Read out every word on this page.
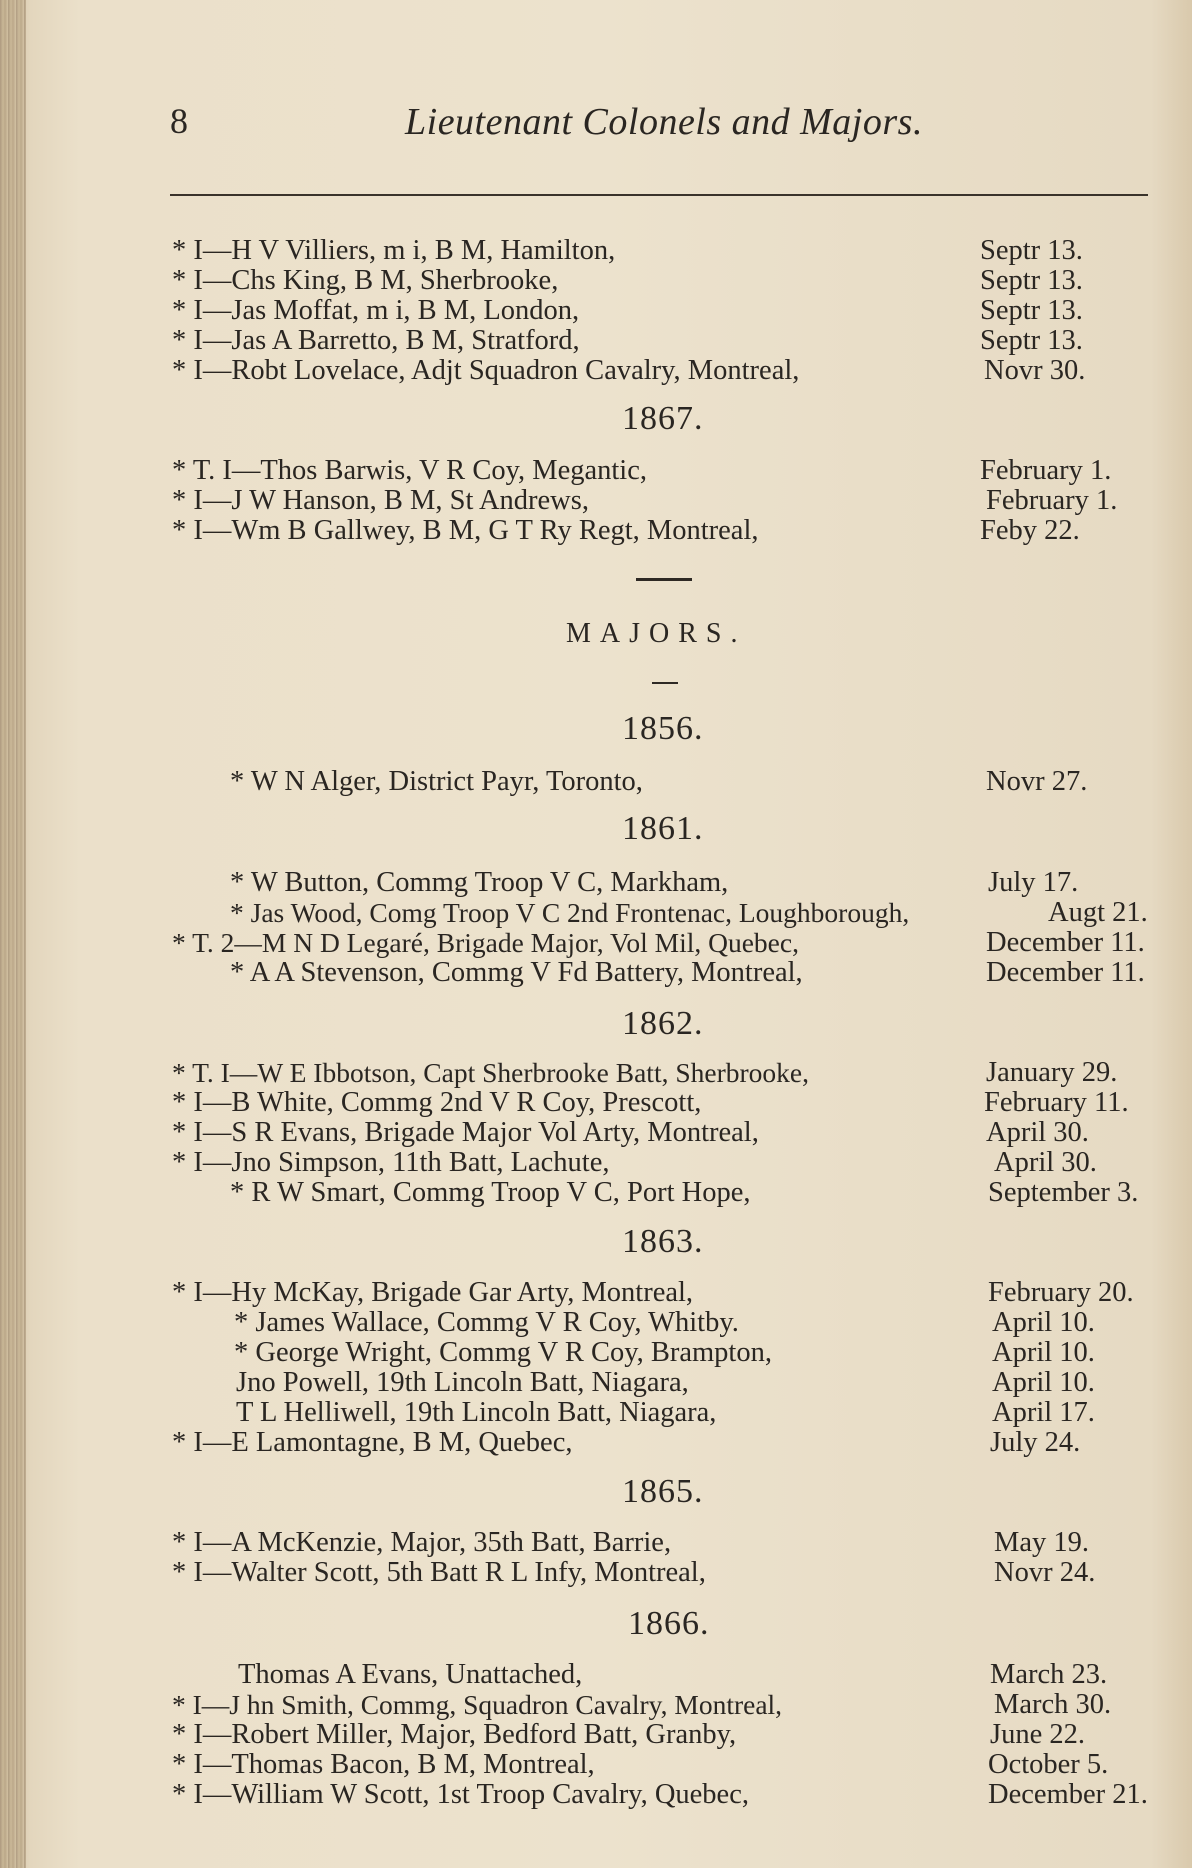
8	Lieutenant Colonels and Majors.
* I—H V Villiers, m i, B M, Hamilton,	Septr 13.
* I—Chs King, B M, Sherbrooke,	Septr 13.
* I—Jas Moffat, m i, B M, London,	Septr 13.
* I—Jas A Barretto, B M, Stratford,	Septr 13.
* I—Robt Lovelace, Adjt Squadron Cavalry, Montreal,	Novr 30.
1867.
* T. I—Thos Barwis, V R Coy, Megantic,	February 1.
* I—J W Hanson, B M, St Andrews,	February 1.
* I—Wm B Gallwey, B M, G T Ry Regt, Montreal,	Feby 22.
MAJORS.
1856.
* W N Alger, District Payr, Toronto,	Novr 27.
1861.
* W Button, Commg Troop V C, Markham,	July 17.
* Jas Wood, Comg Troop V C 2nd Frontenac, Loughborough,	Augt 21.
* T. 2—M N D Legaré, Brigade Major, Vol Mil, Quebec,	December 11.
* A A Stevenson, Commg V Fd Battery, Montreal,	December 11.
1862.
* T. I—W E Ibbotson, Capt Sherbrooke Batt, Sherbrooke,	January 29.
* I—B White, Commg 2nd V R Coy, Prescott,	February 11.
* I—S R Evans, Brigade Major Vol Arty, Montreal,	April 30.
* I—Jno Simpson, 11th Batt, Lachute,	April 30.
* R W Smart, Commg Troop V C, Port Hope,	September 3.
1863.
* I—Hy McKay, Brigade Gar Arty, Montreal,	February 20.
* James Wallace, Commg V R Coy, Whitby.	April 10.
* George Wright, Commg V R Coy, Brampton,	April 10.
Jno Powell, 19th Lincoln Batt, Niagara,	April 10.
T L Helliwell, 19th Lincoln Batt, Niagara,	April 17.
* I—E Lamontagne, B M, Quebec,	July 24.
1865.
* I—A McKenzie, Major, 35th Batt, Barrie,	May 19.
* I—Walter Scott, 5th Batt R L Infy, Montreal,	Novr 24.
1866.
Thomas A Evans, Unattached,	March 23.
* I—J hn Smith, Commg, Squadron Cavalry, Montreal,	March 30.
* I—Robert Miller, Major, Bedford Batt, Granby,	June 22.
* I—Thomas Bacon, B M, Montreal,	October 5.
* I—William W Scott, 1st Troop Cavalry, Quebec,	December 21.
